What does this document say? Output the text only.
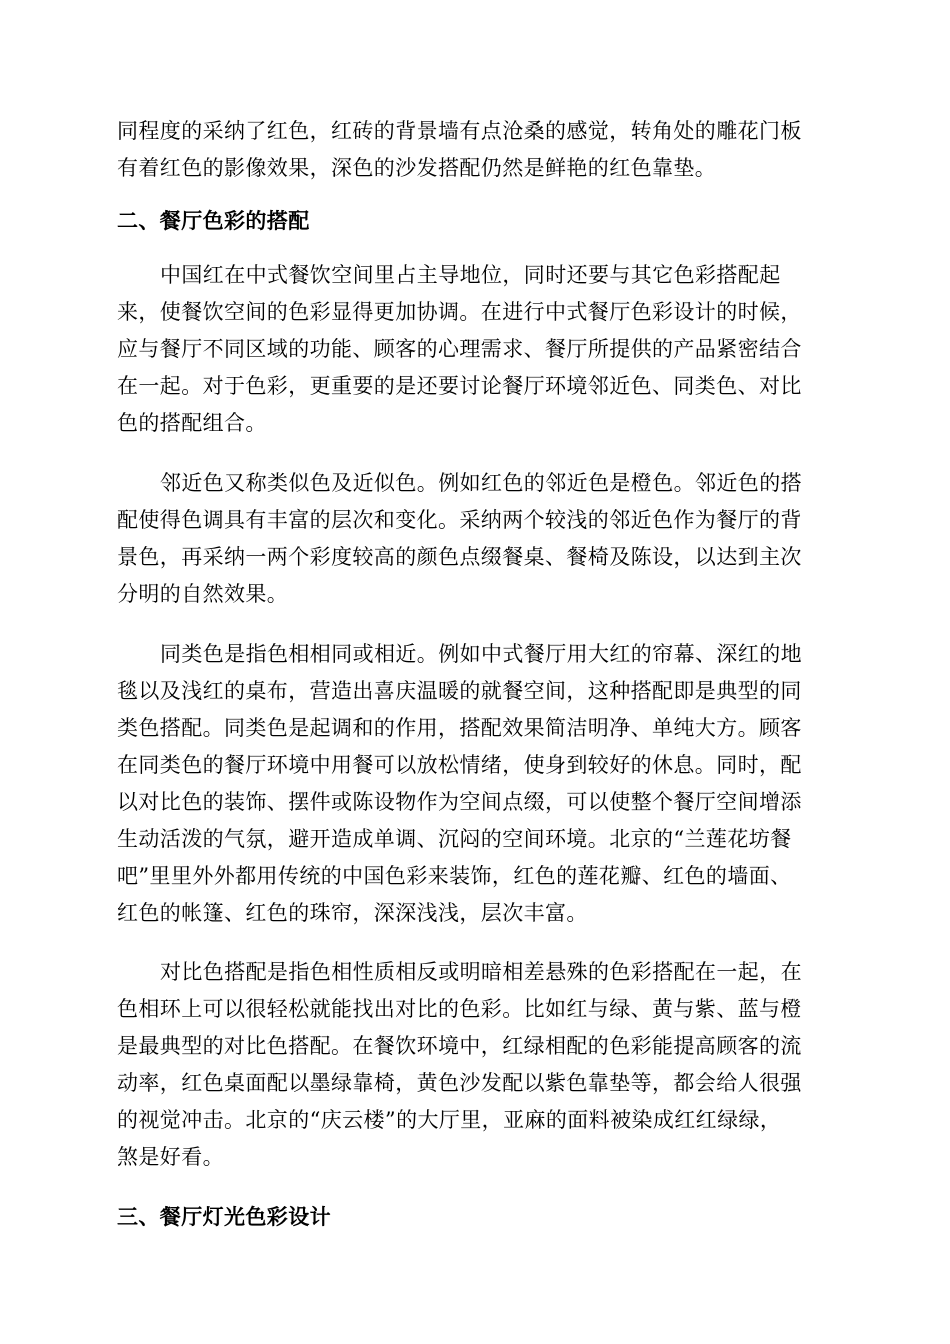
同程度的采纳了红色，红砖的背景墙有点沧桑的感觉，转角处的雕花门板
有着红色的影像效果，深色的沙发搭配仍然是鲜艳的红色靠垫。
二、餐厅色彩的搭配
中国红在中式餐饮空间里占主导地位，同时还要与其它色彩搭配起
来，使餐饮空间的色彩显得更加协调。在进行中式餐厅色彩设计的时候，
应与餐厅不同区域的功能、顾客的心理需求、餐厅所提供的产品紧密结合
在一起。对于色彩，更重要的是还要讨论餐厅环境邻近色、同类色、对比
色的搭配组合。
邻近色又称类似色及近似色。例如红色的邻近色是橙色。邻近色的搭
配使得色调具有丰富的层次和变化。采纳两个较浅的邻近色作为餐厅的背
景色，再采纳一两个彩度较高的颜色点缀餐桌、餐椅及陈设，以达到主次
分明的自然效果。
同类色是指色相相同或相近。例如中式餐厅用大红的帘幕、深红的地
毯以及浅红的桌布，营造出喜庆温暖的就餐空间，这种搭配即是典型的同
类色搭配。同类色是起调和的作用，搭配效果简洁明净、单纯大方。顾客
在同类色的餐厅环境中用餐可以放松情绪，使身到较好的休息。同时，配
以对比色的装饰、摆件或陈设物作为空间点缀，可以使整个餐厅空间增添
生动活泼的气氛，避开造成单调、沉闷的空间环境。北京的“兰莲花坊餐
吧”里里外外都用传统的中国色彩来装饰，红色的莲花瓣、红色的墙面、
红色的帐篷、红色的珠帘，深深浅浅，层次丰富。
对比色搭配是指色相性质相反或明暗相差悬殊的色彩搭配在一起，在
色相环上可以很轻松就能找出对比的色彩。比如红与绿、黄与紫、蓝与橙
是最典型的对比色搭配。在餐饮环境中，红绿相配的色彩能提高顾客的流
动率，红色桌面配以墨绿靠椅，黄色沙发配以紫色靠垫等，都会给人很强
的视觉冲击。北京的“庆云楼”的大厅里，亚麻的面料被染成红红绿绿，
煞是好看。
三、餐厅灯光色彩设计
